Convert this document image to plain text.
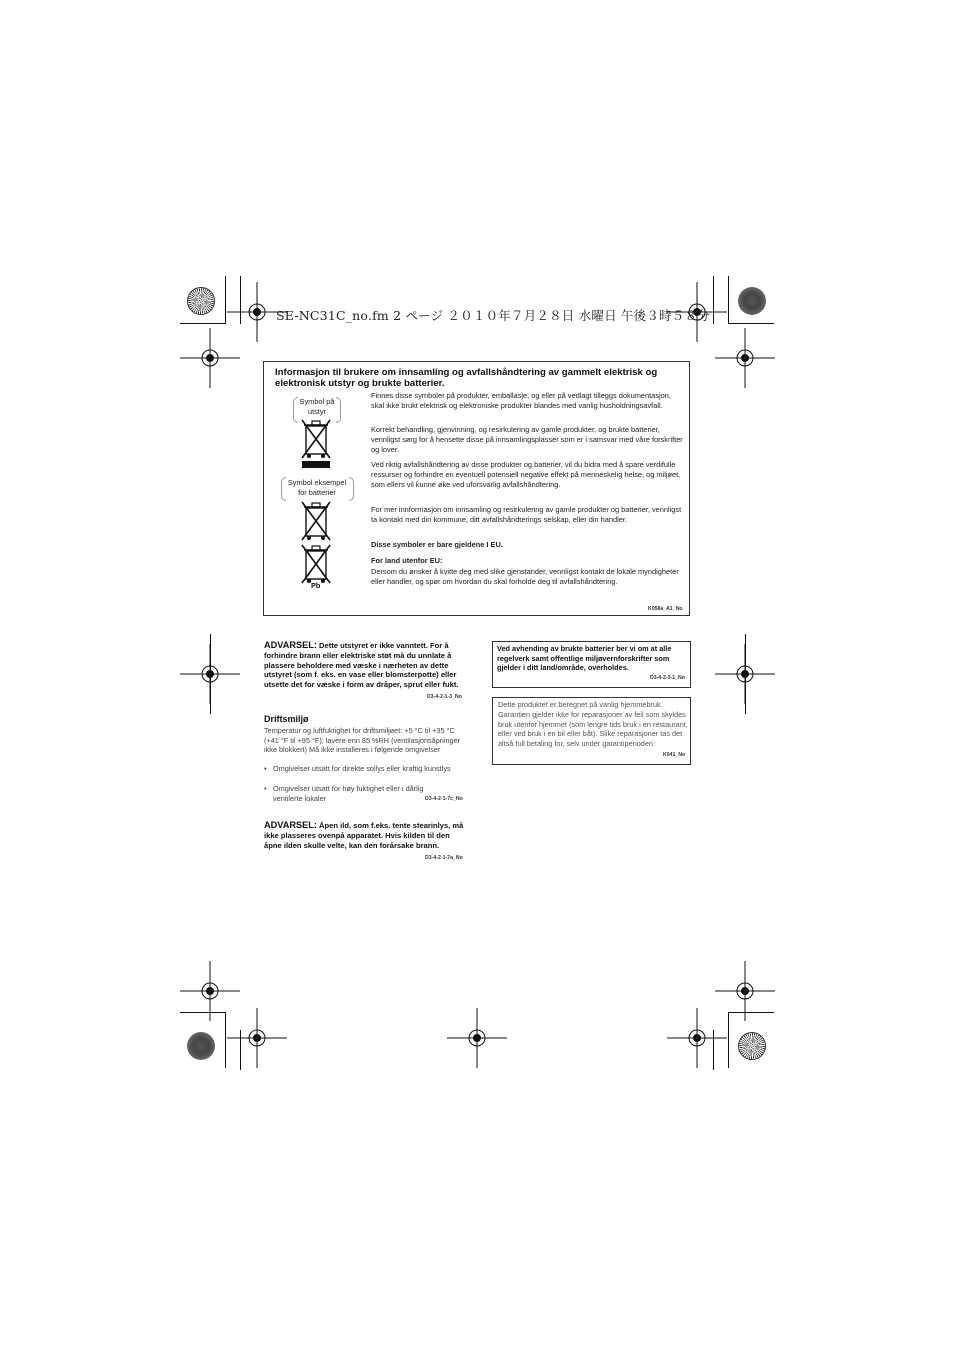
SE-NC31C_no.fm 2 ページ ２０１０年７月２８日 水曜日 午後３時５８分
Informasjon til brukere om innsamling og avfallshåndtering av gammelt elektrisk og elektronisk utstyr og brukte batterier.
Symbol på utstyr
Symbol eksempel for batterier
Pb
Finnes disse symboler på produkter, emballasje, og eller på vedlagt tilleggs dokumentasjon, skal ikke brukt elektrisk og elektroniske produkter blandes med vanlig husholdningsavfall.
Korrekt behandling, gjenvinning, og resirkulering av gamle produkter, og brukte batterier, vennligst sørg for å hensette disse på innsamlingsplasser som er i samsvar med våre forskrifter og lover.
Ved riktig avfallshåndtering av disse produkter og batterier, vil du bidra med å spare verdifulle ressurser og forhindre en eventuell potensiell negative effekt på menneskelig helse, og miljøet, som ellers vil kunne øke ved uforsvarlig avfallshåndtering.
For mer innformasjon om innsamling og resirkulering av gamle produkter og batterier, vennligst ta kontakt med din kommune, ditt avfallshåndterings selskap, eller din handler.
Disse symboler er bare gjeldene I EU.
For land utenfor EU:
Dersom du ønsker å kvitte deg med slike gjenstander, vennligst kontakt de lokale myndigheter eller handler, og spør om hvordan du skal forholde deg til avfallshåndtering.
K058a_A1_No
ADVARSEL: Dette utstyret er ikke vanntett. For å forhindre brann eller elektriske støt må du unnlate å plassere beholdere med væske i nærheten av dette utstyret (som f. eks. en vase eller blomsterpotte) eller utsette det for væske i form av dråper, sprut eller fukt.
D3-4-2-1-3_No
Driftsmiljø
Temperatur og luftfuktighet for driftsmiljøet: +5 °C til +35 °C (+41 °F til +95 °F); lavere enn 85 %RH (ventilasjonsåpninger ikke blokkert) Må ikke installeres i følgende omgivelser
• Omgivelser utsatt for direkte sollys eller kraftig kunstlys
• Omgivelser utsatt for høy fuktighet eller i dårlig ventilerte lokaler	D3-4-2-1-7c_No
ADVARSEL: Åpen ild, som f.eks. tente stearinlys, må ikke plasseres ovenpå apparatet. Hvis kilden til den åpne ilden skulle velte, kan den forårsake brann.
D3-4-2-1-7a_No
Ved avhending av brukte batterier ber vi om at alle regelverk samt offentlige miljøvernforskrifter som gjelder i ditt land/område, overholdes.
D3-4-2-3-1_No
Dette produktet er beregnet på vanlig hjemmebruk. Garantien gjelder ikke for reparasjoner av feil som skyldes bruk utenfor hjemmet (som lengre tids bruk i en restaurant, eller ved bruk i en bil eller båt). Slike reparasjoner tas det altså full betaling for, selv under garantiperioden.
K041_No
